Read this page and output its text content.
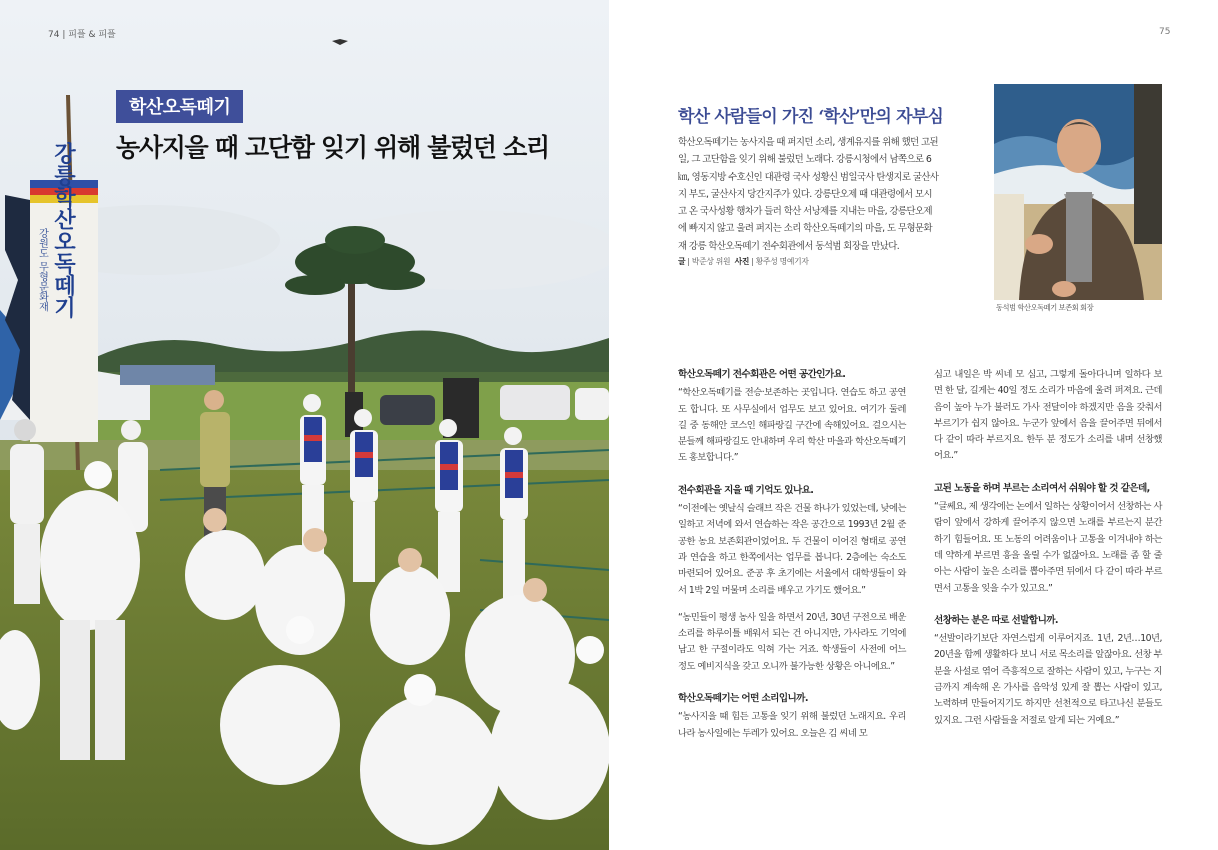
강릉학산오독떼기
강원도 무형문화재
74 | 피플 & 피플
학산오독떼기
농사지을 때 고단함 잊기 위해 불렀던 소리
75
학산 사람들이 가진 ‘학산’만의 자부심
학산오독떼기는 농사지을 때 퍼지던 소리, 생계유지를 위해 했던 고된 일, 그 고단함을 잊기 위해 불렀던 노래다. 강릉시청에서 남쪽으로 6㎞, 영동지방 수호신인 대관령 국사 성황신 범일국사 탄생지로 굴산사지 부도, 굴산사지 당간지주가 있다. 강릉단오제 때 대관령에서 모시고 온 국사성황 행차가 들러 학산 서낭제를 지내는 마을, 강릉단오제에 빠지지 않고 울려 퍼지는 소리 학산오독떼기의 마을, 도 무형문화재 강릉 학산오독떼기 전수회관에서 동석범 회장을 만났다.
글 | 박준상 위원 사진 | 황주성 명예기자
동석범 학산오독떼기 보존회 회장

학산오독떼기 전수회관은 어떤 공간인가요.

“학산오독떼기를 전승·보존하는 곳입니다. 연습도 하고 공연도 합니다. 또 사무실에서 업무도 보고 있어요. 여기가 둘레길 중 동해안 코스인 해파랑길 구간에 속해있어요. 걸으시는 분들께 해파랑길도 안내하며 우리 학산 마을과 학산오독떼기도 홍보합니다.”

전수회관을 지을 때 기억도 있나요.

“이전에는 옛날식 슬래브 작은 건물 하나가 있었는데, 낮에는 일하고 저녁에 와서 연습하는 작은 공간으로 1993년 2월 준공한 농요 보존회관이었어요. 두 건물이 이어진 형태로 공연과 연습을 하고 한쪽에서는 업무를 봅니다. 2층에는 숙소도 마련되어 있어요. 준공 후 초기에는 서울에서 대학생들이 와서 1박 2일 머물며 소리를 배우고 가기도 했어요.”

“농민들이 평생 농사 일을 하면서 20년, 30년 구전으로 배운 소리를 하루이틀 배워서 되는 건 아니지만, 가사라도 기억에 남고 한 구절이라도 익혀 가는 거죠. 학생들이 사전에 어느 정도 예비지식을 갖고 오니까 불가능한 상황은 아니에요.”

학산오독떼기는 어떤 소리입니까.

“농사지을 때 힘든 고통을 잊기 위해 불렀던 노래지요. 우리나라 농사일에는 두레가 있어요. 오늘은 김 씨네 모

심고 내일은 박 씨네 모 심고, 그렇게 돌아다니며 일하다 보면 한 달, 길게는 40일 정도 소리가 마음에 울려 퍼져요. 근데 음이 높아 누가 불러도 가사 전달이야 하겠지만 음을 갖춰서 부르기가 쉽지 않아요. 누군가 앞에서 음을 끌어주면 뒤에서 다 같이 따라 부르지요. 한두 분 정도가 소리를 내며 선창했어요.”

고된 노동을 하며 부르는 소리여서 쉬워야 할 것 같은데,

“글쎄요, 제 생각에는 논에서 일하는 상황이어서 선창하는 사람이 앞에서 강하게 끌어주지 않으면 노래를 부르는지 분간하기 힘들어요. 또 노동의 어려움이나 고통을 이겨내야 하는데 약하게 부르면 흥을 올릴 수가 없잖아요. 노래를 좀 할 줄 아는 사람이 높은 소리를 뽑아주면 뒤에서 다 같이 따라 부르면서 고통을 잊을 수가 있고요.”

선창하는 분은 따로 선발합니까.

“선발이라기보단 자연스럽게 이루어지죠. 1년, 2년…10년, 20년을 함께 생활하다 보니 서로 목소리를 알잖아요. 선창 부분을 사설로 엮어 즉흥적으로 잘하는 사람이 있고, 누구는 지금까지 계속해 온 가사를 음악성 있게 잘 뽑는 사람이 있고, 노력하며 만들어지기도 하지만 선천적으로 타고나신 분들도 있지요. 그런 사람들을 저절로 알게 되는 거예요.”
